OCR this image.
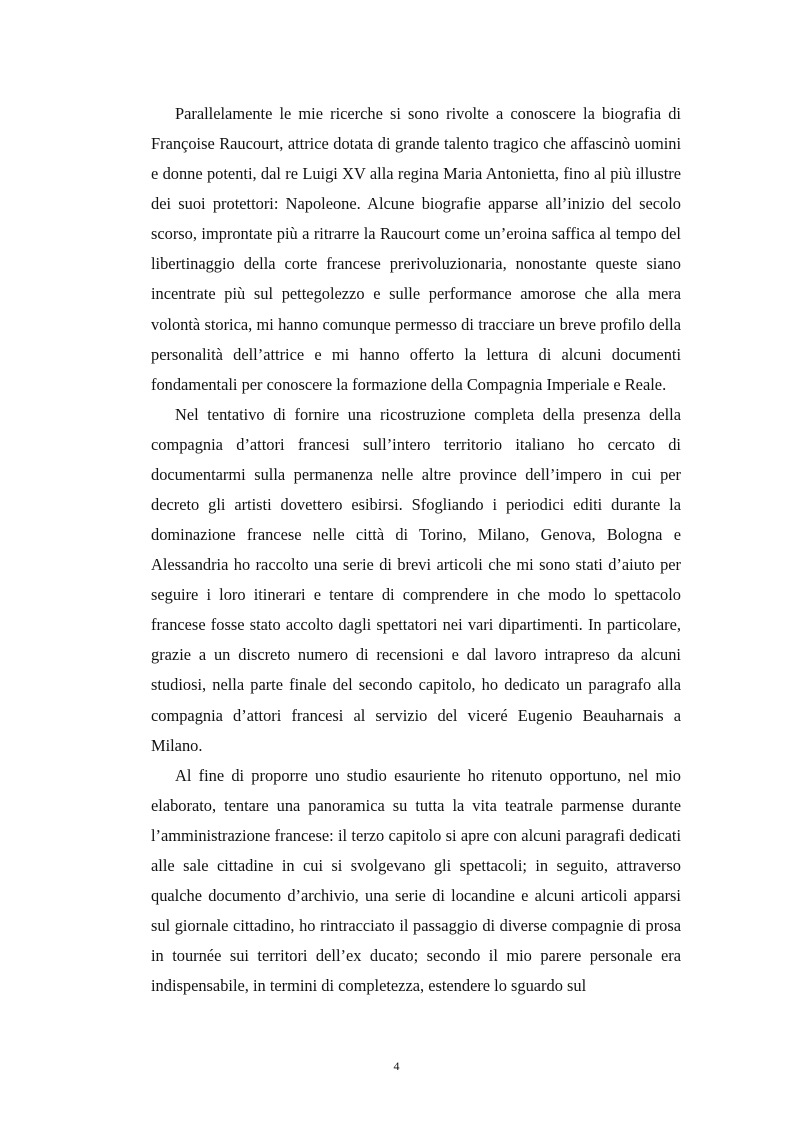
Parallelamente le mie ricerche si sono rivolte a conoscere la biografia di Françoise Raucourt, attrice dotata di grande talento tragico che affascinò uomini e donne potenti, dal re Luigi XV alla regina Maria Antonietta, fino al più illustre dei suoi protettori: Napoleone. Alcune biografie apparse all’inizio del secolo scorso, improntate più a ritrarre la Raucourt come un’eroina saffica al tempo del libertinaggio della corte francese prerivoluzionaria, nonostante queste siano incentrate più sul pettegolezzo e sulle performance amorose che alla mera volontà storica, mi hanno comunque permesso di tracciare un breve profilo della personalità dell’attrice e mi hanno offerto la lettura di alcuni documenti fondamentali per conoscere la formazione della Compagnia Imperiale e Reale.

Nel tentativo di fornire una ricostruzione completa della presenza della compagnia d’attori francesi sull’intero territorio italiano ho cercato di documentarmi sulla permanenza nelle altre province dell’impero in cui per decreto gli artisti dovettero esibirsi. Sfogliando i periodici editi durante la dominazione francese nelle città di Torino, Milano, Genova, Bologna e Alessandria ho raccolto una serie di brevi articoli che mi sono stati d’aiuto per seguire i loro itinerari e tentare di comprendere in che modo lo spettacolo francese fosse stato accolto dagli spettatori nei vari dipartimenti. In particolare, grazie a un discreto numero di recensioni e dal lavoro intrapreso da alcuni studiosi, nella parte finale del secondo capitolo, ho dedicato un paragrafo alla compagnia d’attori francesi al servizio del viceré Eugenio Beauharnais a Milano.

Al fine di proporre uno studio esauriente ho ritenuto opportuno, nel mio elaborato, tentare una panoramica su tutta la vita teatrale parmense durante l’amministrazione francese: il terzo capitolo si apre con alcuni paragrafi dedicati alle sale cittadine in cui si svolgevano gli spettacoli; in seguito, attraverso qualche documento d’archivio, una serie di locandine e alcuni articoli apparsi sul giornale cittadino, ho rintracciato il passaggio di diverse compagnie di prosa in tournée sui territori dell’ex ducato; secondo il mio parere personale era indispensabile, in termini di completezza, estendere lo sguardo sul

4
